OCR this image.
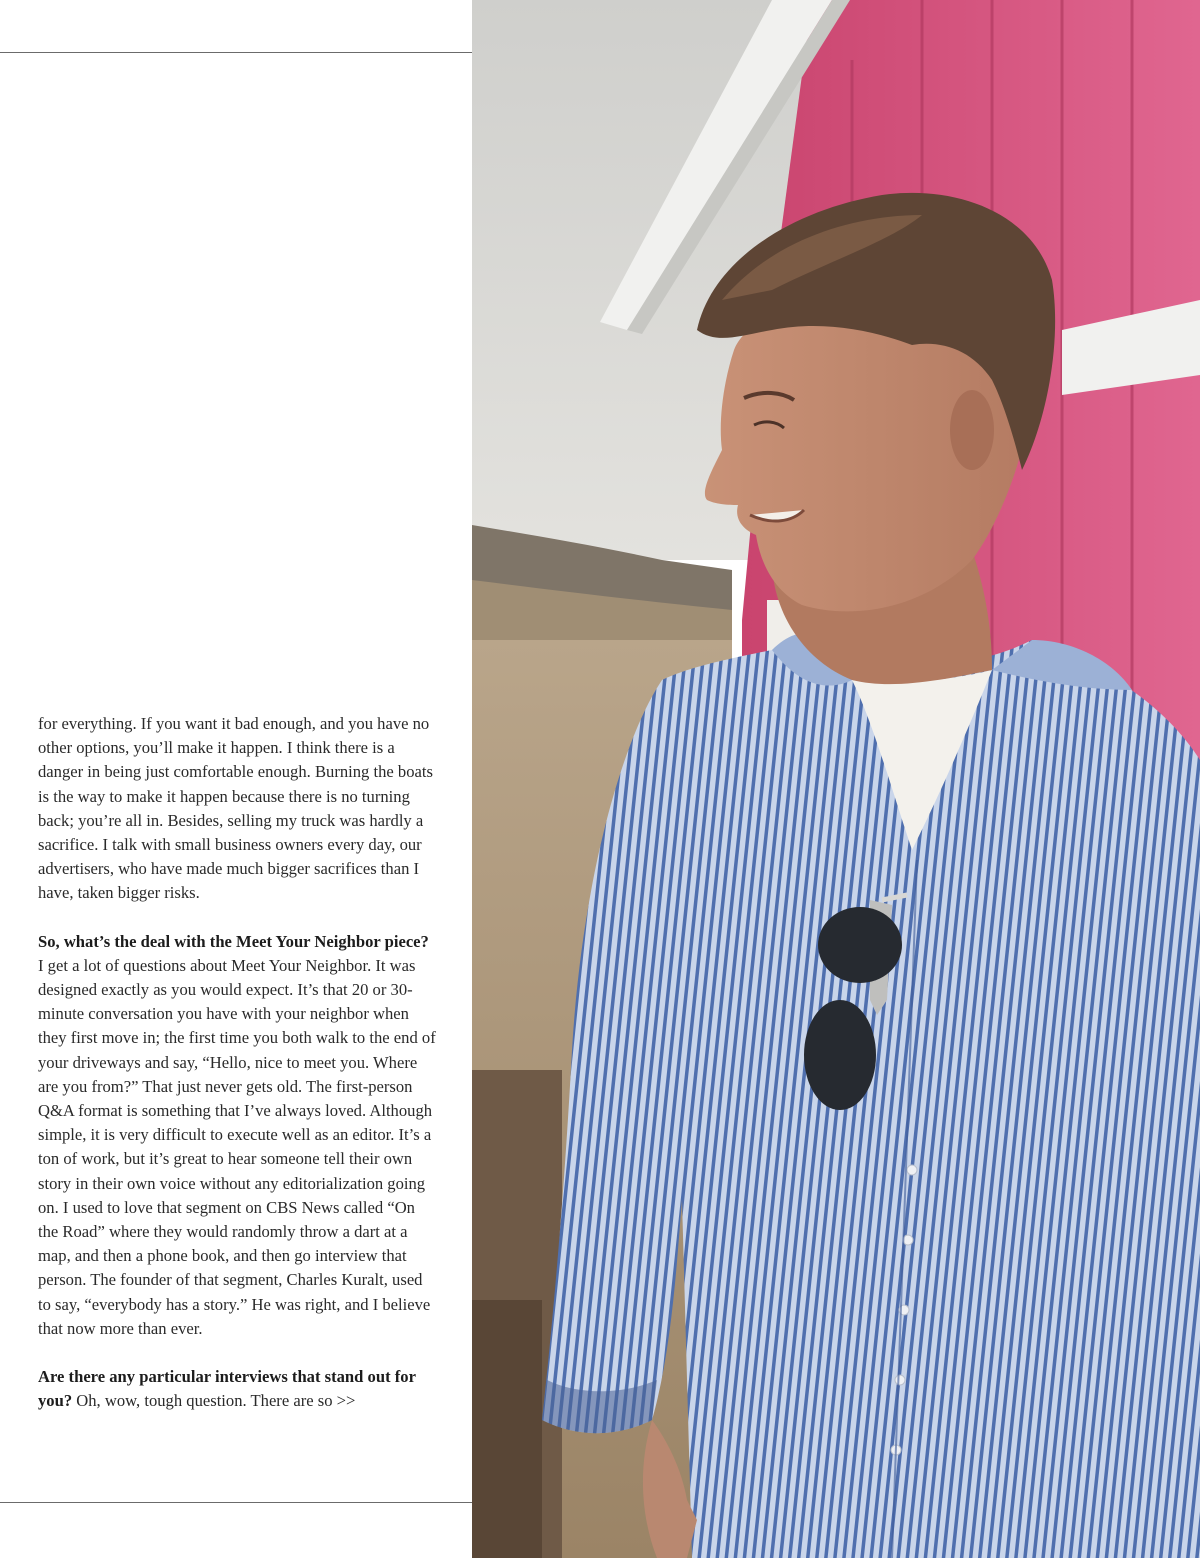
for everything. If you want it bad enough, and you have no other options, you’ll make it happen. I think there is a danger in being just comfortable enough. Burning the boats is the way to make it happen because there is no turning back; you’re all in. Besides, selling my truck was hardly a sacrifice. I talk with small business owners every day, our advertisers, who have made much bigger sacrifices than I have, taken bigger risks.

So, what’s the deal with the Meet Your Neighbor piece? I get a lot of questions about Meet Your Neighbor. It was designed exactly as you would expect. It’s that 20 or 30-minute conversation you have with your neighbor when they first move in; the first time you both walk to the end of your driveways and say, “Hello, nice to meet you. Where are you from?” That just never gets old. The first-person Q&A format is something that I’ve always loved. Although simple, it is very difficult to execute well as an editor. It’s a ton of work, but it’s great to hear someone tell their own story in their own voice without any editorialization going on. I used to love that segment on CBS News called “On the Road” where they would randomly throw a dart at a map, and then a phone book, and then go interview that person. The founder of that segment, Charles Kuralt, used to say, “everybody has a story.” He was right, and I believe that now more than ever.

Are there any particular interviews that stand out for you? Oh, wow, tough question. There are so >>
